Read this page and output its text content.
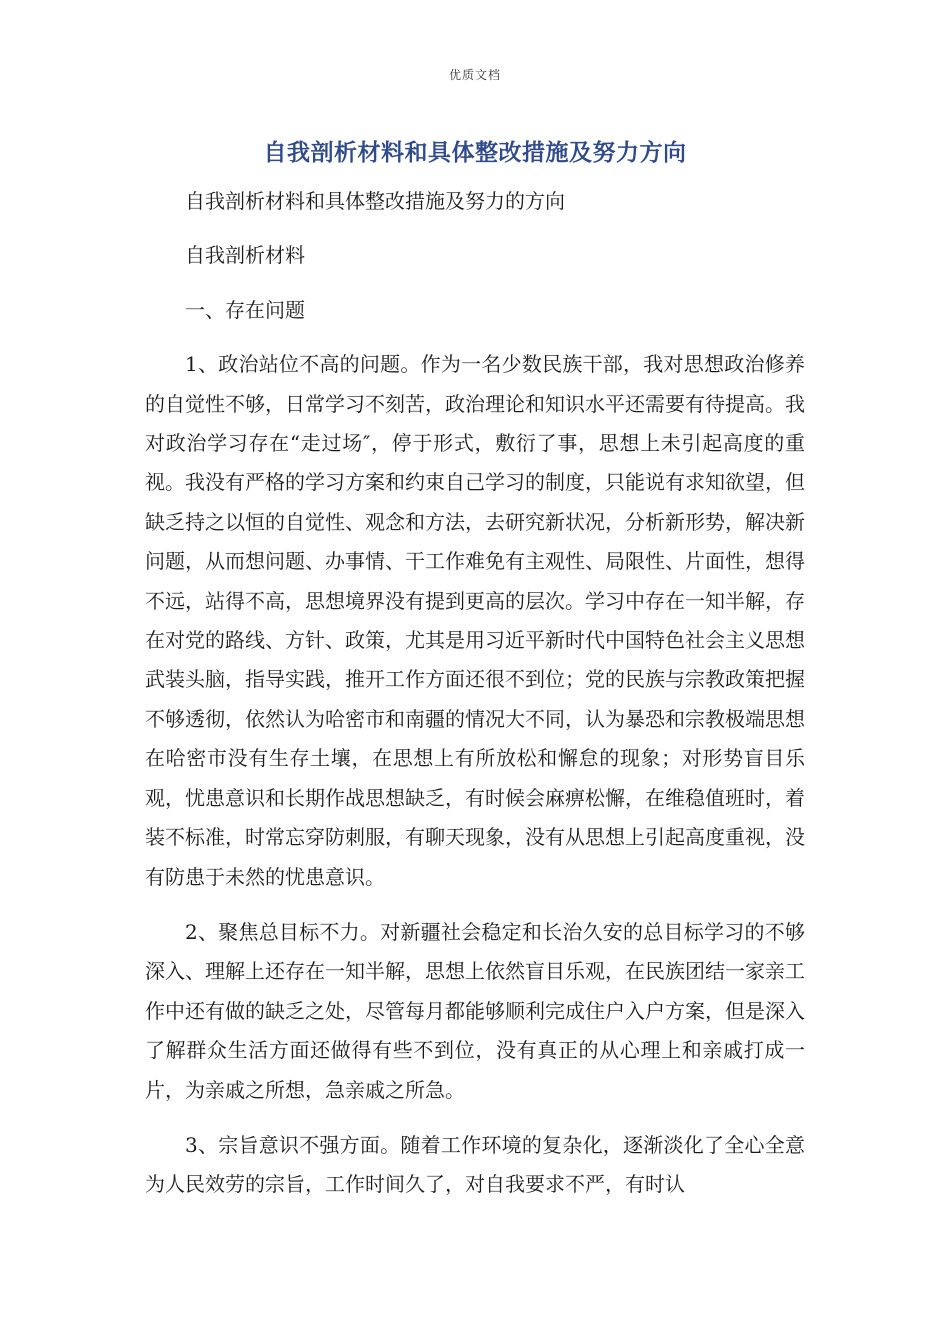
优质文档
自我剖析材料和具体整改措施及努力方向

自我剖析材料和具体整改措施及努力的方向

自我剖析材料

一、存在问题

1、政治站位不高的问题。作为一名少数民族干部，我对思想政治修养的自觉性不够，日常学习不刻苦，政治理论和知识水平还需要有待提高。我对政治学习存在“走过场″，停于形式，敷衍了事，思想上未引起高度的重视。我没有严格的学习方案和约束自己学习的制度，只能说有求知欲望，但缺乏持之以恒的自觉性、观念和方法，去研究新状况，分析新形势，解决新问题，从而想问题、办事情、干工作难免有主观性、局限性、片面性，想得不远，站得不高，思想境界没有提到更高的层次。学习中存在一知半解，存在对党的路线、方针、政策，尤其是用习近平新时代中国特色社会主义思想武装头脑，指导实践，推开工作方面还很不到位；党的民族与宗教政策把握不够透彻，依然认为哈密市和南疆的情况大不同，认为暴恐和宗教极端思想在哈密市没有生存土壤，在思想上有所放松和懈怠的现象；对形势盲目乐观，忧患意识和长期作战思想缺乏，有时候会麻痹松懈，在维稳值班时，着装不标准，时常忘穿防刺服，有聊天现象，没有从思想上引起高度重视，没有防患于未然的忧患意识。

2、聚焦总目标不力。对新疆社会稳定和长治久安的总目标学习的不够深入、理解上还存在一知半解，思想上依然盲目乐观，在民族团结一家亲工作中还有做的缺乏之处，尽管每月都能够顺利完成住户入户方案，但是深入了解群众生活方面还做得有些不到位，没有真正的从心理上和亲戚打成一片，为亲戚之所想，急亲戚之所急。

3、宗旨意识不强方面。随着工作环境的复杂化，逐渐淡化了全心全意为人民效劳的宗旨，工作时间久了，对自我要求不严，有时认
